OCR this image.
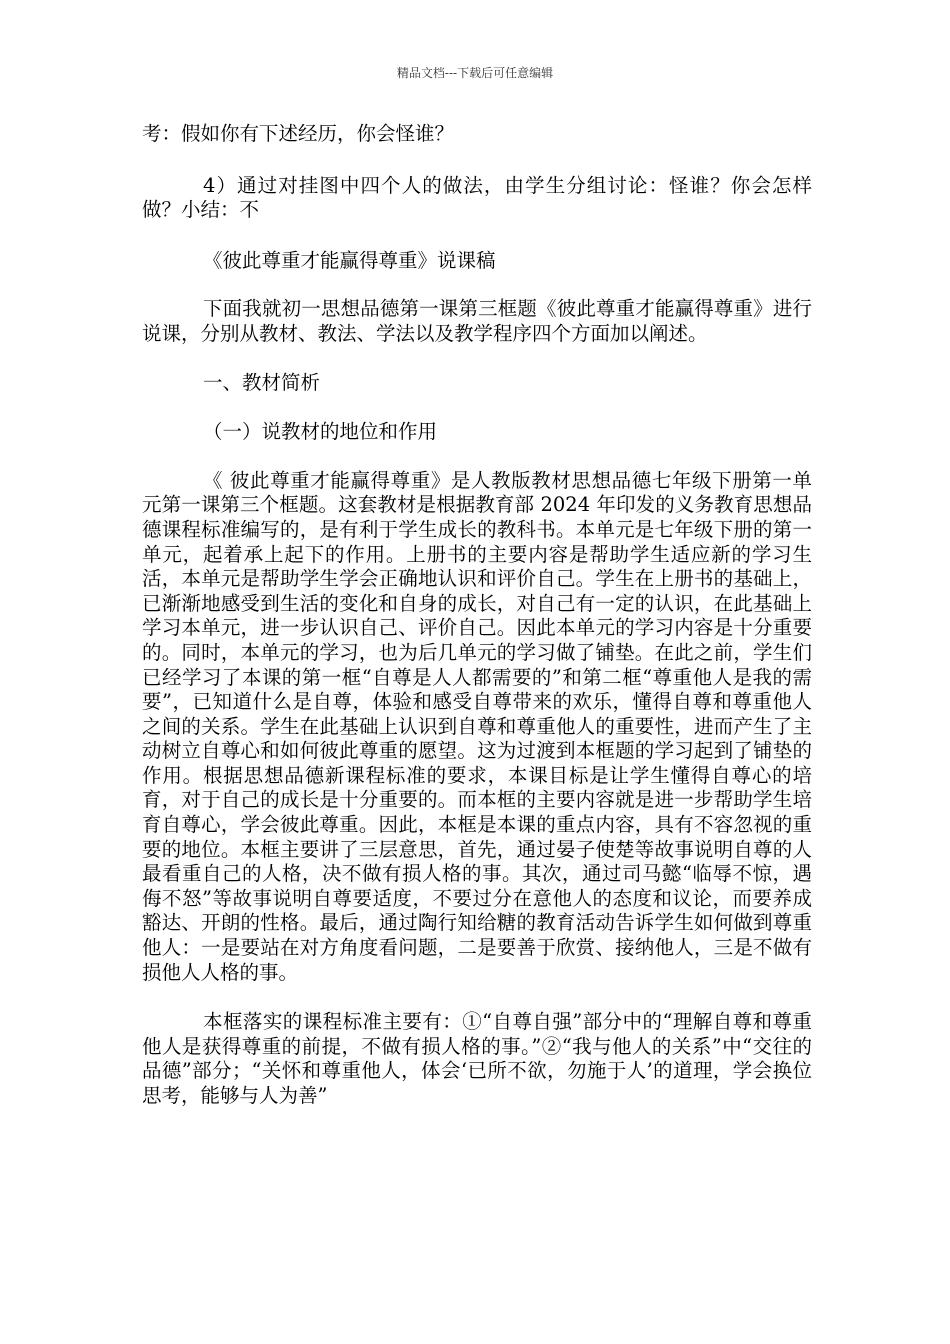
精品文档---下载后可任意编辑

考：假如你有下述经历，你会怪谁？

4）通过对挂图中四个人的做法，由学生分组讨论：怪谁？你会怎样做？小结：不

《彼此尊重才能赢得尊重》说课稿

下面我就初一思想品德第一课第三框题《彼此尊重才能赢得尊重》进行说课，分别从教材、教法、学法以及教学程序四个方面加以阐述。

一、教材简析

（一）说教材的地位和作用

《 彼此尊重才能赢得尊重》是人教版教材思想品德七年级下册第一单元第一课第三个框题。这套教材是根据教育部 2024 年印发的义务教育思想品德课程标准编写的，是有利于学生成长的教科书。本单元是七年级下册的第一单元，起着承上起下的作用。上册书的主要内容是帮助学生适应新的学习生活，本单元是帮助学生学会正确地认识和评价自己。学生在上册书的基础上，已渐渐地感受到生活的变化和自身的成长，对自己有一定的认识，在此基础上学习本单元，进一步认识自己、评价自己。因此本单元的学习内容是十分重要的。同时，本单元的学习，也为后几单元的学习做了铺垫。在此之前，学生们已经学习了本课的第一框“自尊是人人都需要的”和第二框“尊重他人是我的需要”，已知道什么是自尊，体验和感受自尊带来的欢乐，懂得自尊和尊重他人之间的关系。学生在此基础上认识到自尊和尊重他人的重要性，进而产生了主动树立自尊心和如何彼此尊重的愿望。这为过渡到本框题的学习起到了铺垫的作用。根据思想品德新课程标准的要求，本课目标是让学生懂得自尊心的培育，对于自己的成长是十分重要的。而本框的主要内容就是进一步帮助学生培育自尊心，学会彼此尊重。因此，本框是本课的重点内容，具有不容忽视的重要的地位。本框主要讲了三层意思，首先，通过晏子使楚等故事说明自尊的人最看重自己的人格，决不做有损人格的事。其次，通过司马懿“临辱不惊，遇侮不怒”等故事说明自尊要适度，不要过分在意他人的态度和议论，而要养成豁达、开朗的性格。最后，通过陶行知给糖的教育活动告诉学生如何做到尊重他人：一是要站在对方角度看问题，二是要善于欣赏、接纳他人，三是不做有损他人人格的事。

本框落实的课程标准主要有：①“自尊自强”部分中的“理解自尊和尊重他人是获得尊重的前提，不做有损人格的事。”②“我与他人的关系”中“交往的品德”部分；“关怀和尊重他人，体会‘已所不欲，勿施于人’的道理，学会换位思考，能够与人为善”
